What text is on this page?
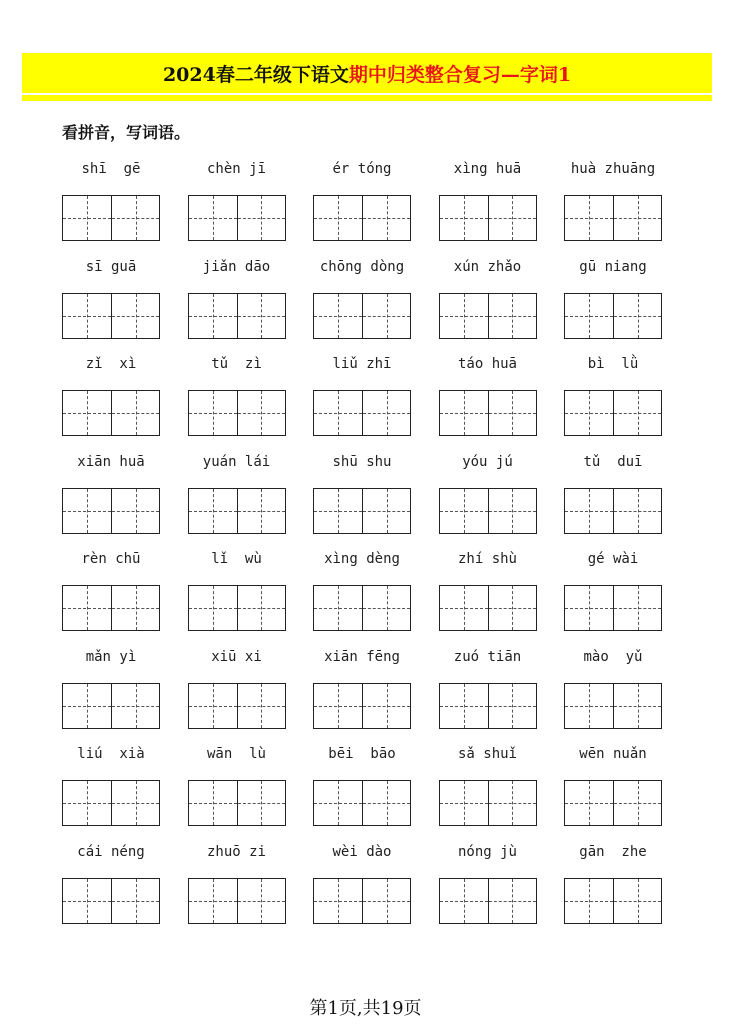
2024春二年级下语文 期中归类整合复习—字词1
看拼音，写词语。
shī  gē	chèn jī	ér tóng	xìng huā	huà zhuāng
sī guā	jiǎn dāo	chōng dòng	xún zhǎo	gū niang
zǐ  xì	tǔ  zì	liǔ zhī	táo huā	bì  lǜ
xiān huā	yuán lái	shū shu	yóu jú	tǔ  duī
rèn chū	lǐ  wù	xìng dèng	zhí shù	gé wài
mǎn yì	xiū xi	xiān fēng	zuó tiān	mào  yǔ
liú  xià	wān  lù	bēi  bāo	sǎ shuǐ	wēn nuǎn
cái néng	zhuō zi	wèi dào	nóng jù	gān  zhe
第1页,共19页
